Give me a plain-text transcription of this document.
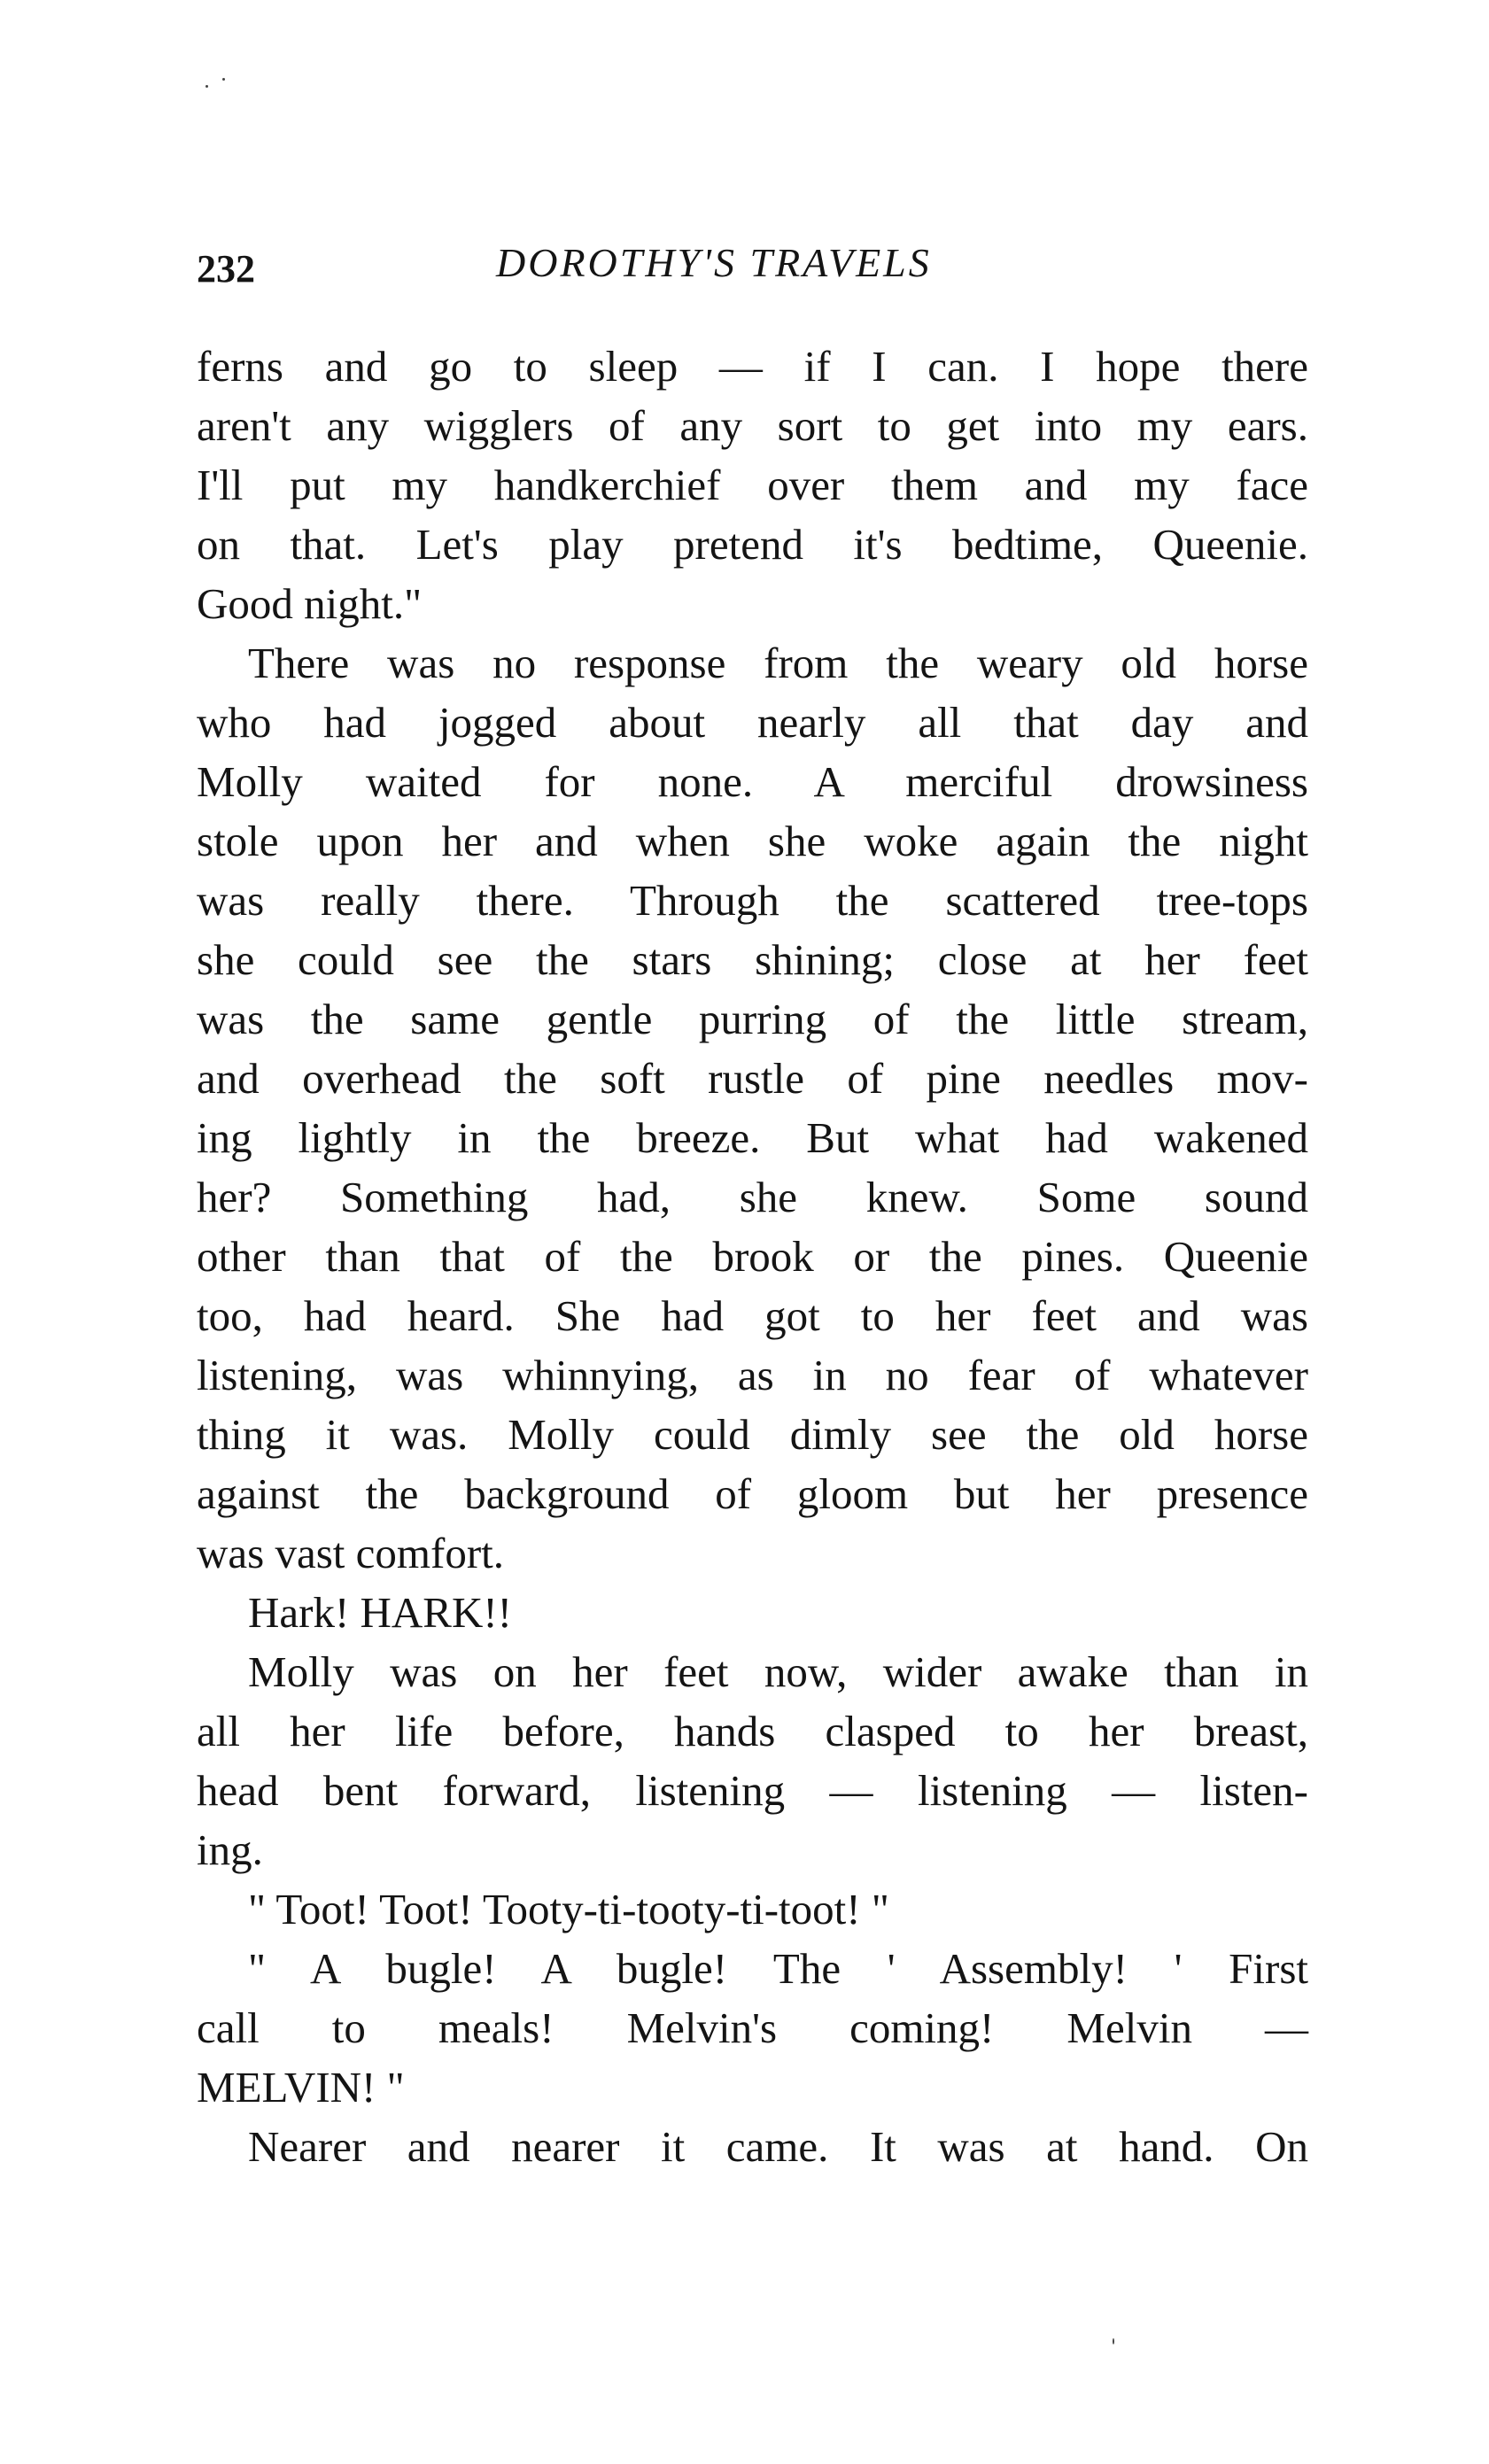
232	DOROTHY'S TRAVELS
ferns and go to sleep — if I can. I hope there
aren't any wigglers of any sort to get into my ears.
I'll put my handkerchief over them and my face
on that. Let's play pretend it's bedtime, Queenie.
Good night."
There was no response from the weary old horse
who had jogged about nearly all that day and
Molly waited for none. A merciful drowsiness
stole upon her and when she woke again the night
was really there. Through the scattered tree-tops
she could see the stars shining; close at her feet
was the same gentle purring of the little stream,
and overhead the soft rustle of pine needles mov-
ing lightly in the breeze. But what had wakened
her? Something had, she knew. Some sound
other than that of the brook or the pines. Queenie
too, had heard. She had got to her feet and was
listening, was whinnying, as in no fear of whatever
thing it was. Molly could dimly see the old horse
against the background of gloom but her presence
was vast comfort.
Hark! HARK!!
Molly was on her feet now, wider awake than in
all her life before, hands clasped to her breast,
head bent forward, listening — listening — listen-
ing.
" Toot! Toot! Tooty-ti-tooty-ti-toot! "
" A bugle! A bugle! The ' Assembly! ' First
call to meals! Melvin's coming! Melvin —
MELVIN! "
Nearer and nearer it came. It was at hand. On
